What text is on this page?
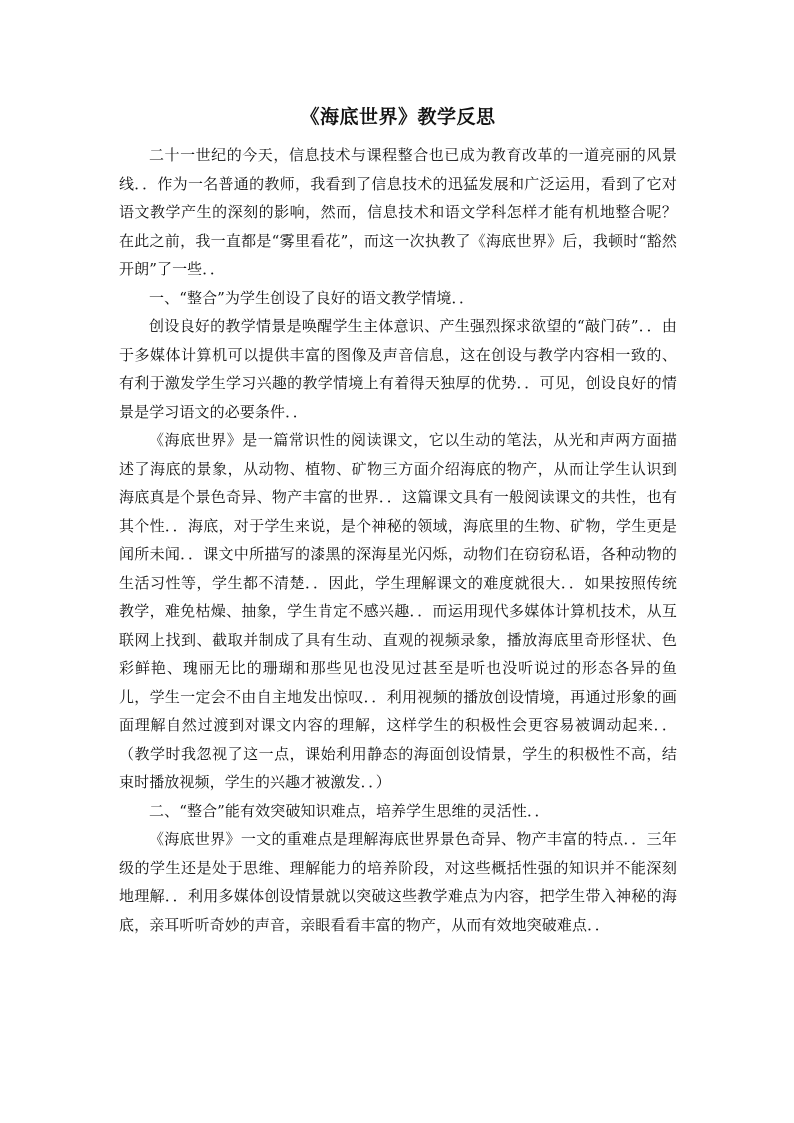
《海底世界》教学反思

二十一世纪的今天，信息技术与课程整合也已成为教育改革的一道亮丽的风景线．．作为一名普通的教师，我看到了信息技术的迅猛发展和广泛运用，看到了它对语文教学产生的深刻的影响，然而，信息技术和语文学科怎样才能有机地整合呢？在此之前，我一直都是“雾里看花”，而这一次执教了《海底世界》后，我顿时“豁然开朗”了一些．．

一、“整合”为学生创设了良好的语文教学情境．．

创设良好的教学情景是唤醒学生主体意识、产生强烈探求欲望的“敲门砖”．．由于多媒体计算机可以提供丰富的图像及声音信息，这在创设与教学内容相一致的、有利于激发学生学习兴趣的教学情境上有着得天独厚的优势．．可见，创设良好的情景是学习语文的必要条件．．

《海底世界》是一篇常识性的阅读课文，它以生动的笔法，从光和声两方面描述了海底的景象，从动物、植物、矿物三方面介绍海底的物产，从而让学生认识到海底真是个景色奇异、物产丰富的世界．．这篇课文具有一般阅读课文的共性，也有其个性．．海底，对于学生来说，是个神秘的领域，海底里的生物、矿物，学生更是闻所未闻．．课文中所描写的漆黑的深海星光闪烁，动物们在窃窃私语，各种动物的生活习性等，学生都不清楚．．因此，学生理解课文的难度就很大．．如果按照传统教学，难免枯燥、抽象，学生肯定不感兴趣．．而运用现代多媒体计算机技术，从互联网上找到、截取并制成了具有生动、直观的视频录象，播放海底里奇形怪状、色彩鲜艳、瑰丽无比的珊瑚和那些见也没见过甚至是听也没听说过的形态各异的鱼儿，学生一定会不由自主地发出惊叹．．利用视频的播放创设情境，再通过形象的画面理解自然过渡到对课文内容的理解，这样学生的积极性会更容易被调动起来．．（教学时我忽视了这一点，课始利用静态的海面创设情景，学生的积极性不高，结束时播放视频，学生的兴趣才被激发．．）

二、“整合”能有效突破知识难点，培养学生思维的灵活性．．

《海底世界》一文的重难点是理解海底世界景色奇异、物产丰富的特点．．三年级的学生还是处于思维、理解能力的培养阶段，对这些概括性强的知识并不能深刻地理解．．利用多媒体创设情景就以突破这些教学难点为内容，把学生带入神秘的海底，亲耳听听奇妙的声音，亲眼看看丰富的物产，从而有效地突破难点．．
